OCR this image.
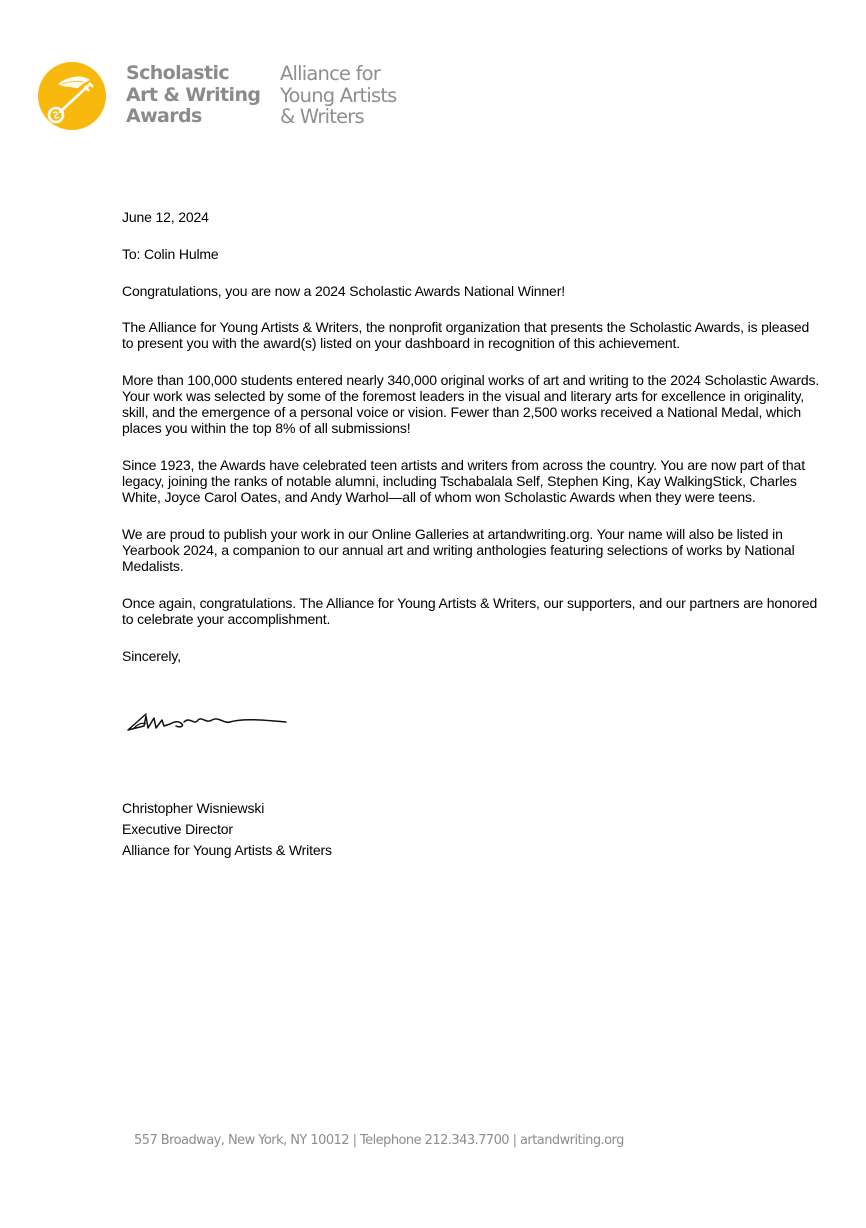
Scholastic
Art & Writing
Awards
Alliance for
Young Artists
& Writers

June 12, 2024

To: Colin Hulme

Congratulations, you are now a 2024 Scholastic Awards National Winner!

The Alliance for Young Artists & Writers, the nonprofit organization that presents the Scholastic Awards, is pleased to present you with the award(s) listed on your dashboard in recognition of this achievement.

More than 100,000 students entered nearly 340,000 original works of art and writing to the 2024 Scholastic Awards. Your work was selected by some of the foremost leaders in the visual and literary arts for excellence in originality, skill, and the emergence of a personal voice or vision. Fewer than 2,500 works received a National Medal, which places you within the top 8% of all submissions!

Since 1923, the Awards have celebrated teen artists and writers from across the country. You are now part of that legacy, joining the ranks of notable alumni, including Tschabalala Self, Stephen King, Kay WalkingStick, Charles White, Joyce Carol Oates, and Andy Warhol—all of whom won Scholastic Awards when they were teens.

We are proud to publish your work in our Online Galleries at artandwriting.org. Your name will also be listed in Yearbook 2024, a companion to our annual art and writing anthologies featuring selections of works by National Medalists.

Once again, congratulations. The Alliance for Young Artists & Writers, our supporters, and our partners are honored to celebrate your accomplishment.

Sincerely,

Christopher Wisniewski
Executive Director
Alliance for Young Artists & Writers
557 Broadway, New York, NY 10012 | Telephone 212.343.7700 | artandwriting.org
